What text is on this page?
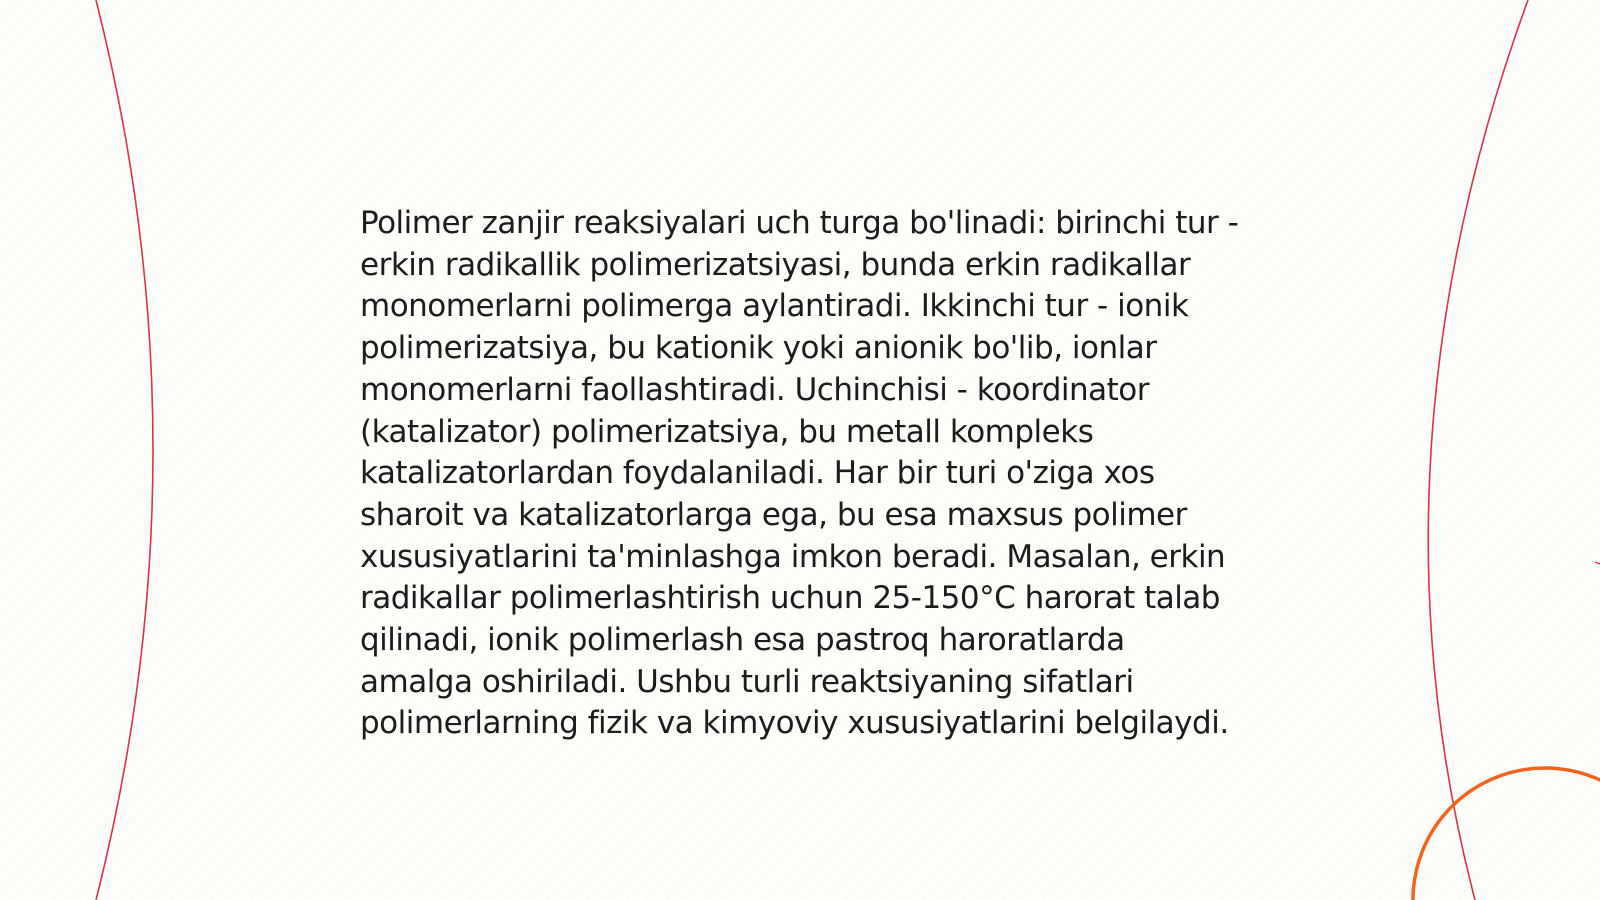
Polimer zanjir reaksiyalari uch turga bo'linadi: birinchi tur - erkin radikallik polimerizatsiyasi, bunda erkin radikallar monomerlarni polimerga aylantiradi. Ikkinchi tur - ionik polimerizatsiya, bu kationik yoki anionik bo'lib, ionlar monomerlarni faollashtiradi. Uchinchisi - koordinator (katalizator) polimerizatsiya, bu metall kompleks katalizatorlardan foydalaniladi. Har bir turi o'ziga xos sharoit va katalizatorlarga ega, bu esa maxsus polimer xususiyatlarini ta'minlashga imkon beradi. Masalan, erkin radikallar polimerlashtirish uchun 25-150°C harorat talab qilinadi, ionik polimerlash esa pastroq haroratlarda amalga oshiriladi. Ushbu turli reaktsiyaning sifatlari polimerlarning fizik va kimyoviy xususiyatlarini belgilaydi.
